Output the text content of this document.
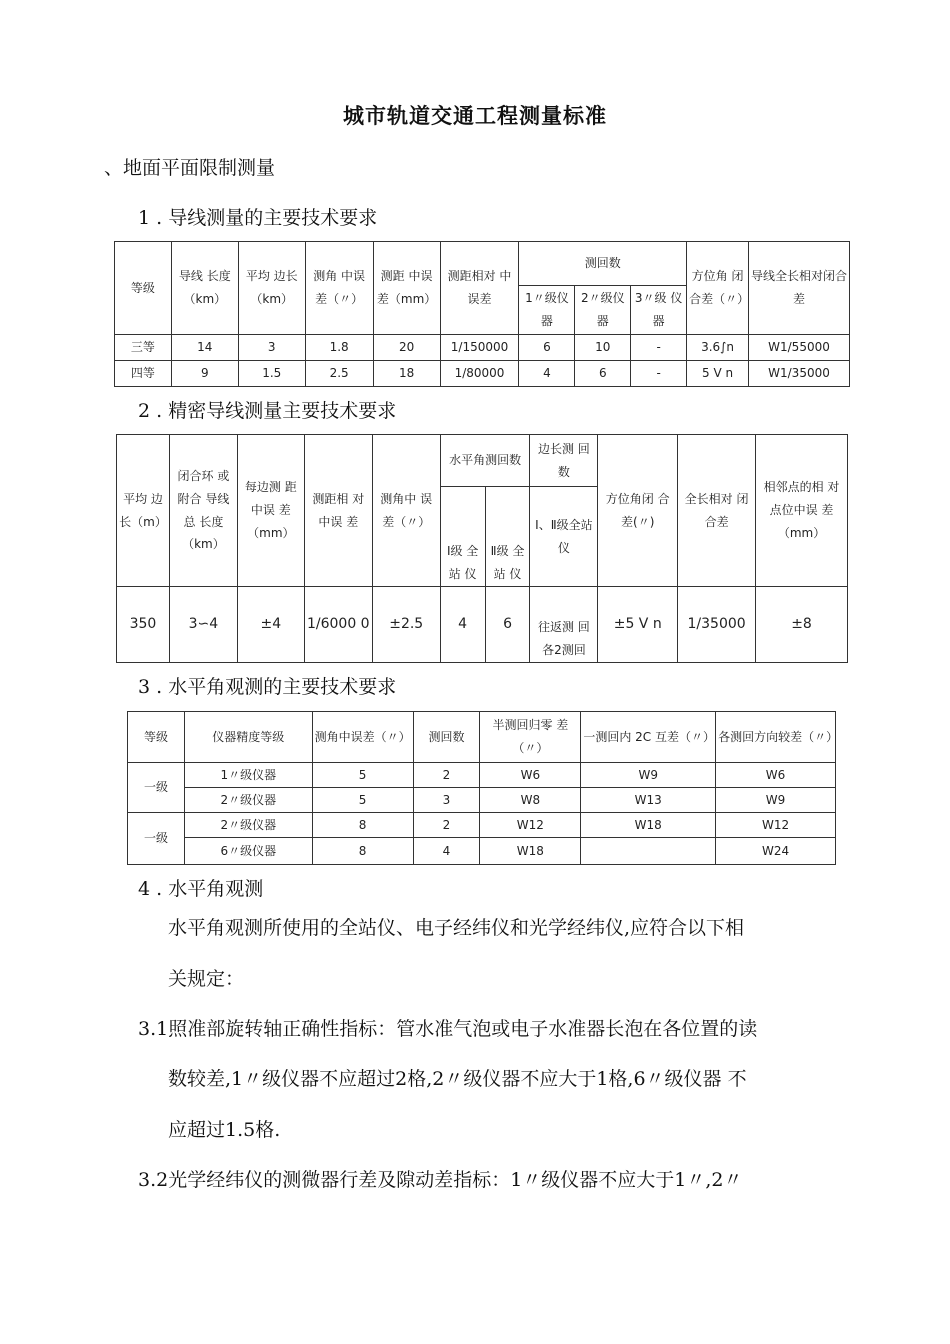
城市轨道交通工程测量标准
、地面平面限制测量
1 . 导线测量的主要技术要求
等级	导线 长度（km）	平均 边长（km）	测角 中误差（〃）	测距 中误差（mm）	测距相对 中误差	测回数			方位角 闭合差（〃）	导线全长相对闭合差
						1〃级仪器	2〃级仪器	3〃级 仪器		
三等	14	3	1.8	20	1/150000	6	10	-	3.6∫n	W1/55000
四等	9	1.5	2.5	18	1/80000	4	6	-	5 V n	W1/35000
2 . 精密导线测量主要技术要求
平均 边长（m）	闭合环 或附合 导线总 长度（km）	每边测 距中误 差（mm）	测距相 对中误 差	测角中 误差（〃）	水平角测回数		边长测 回数	方位角闭 合差(〃)	全长相对 闭合差	相邻点的相 对点位中误 差（mm）
					Ⅰ级 全站 仪	Ⅱ级 全站 仪	Ⅰ、Ⅱ级全站仪			
350	3∽4	±4	1/6000 0	±2.5	4	6	往返测 回各2测回	±5 V n	1/35000	±8
3 . 水平角观测的主要技术要求
等级	仪器精度等级	测角中误差（〃）	测回数	半测回归零 差（〃）	一测回内 2C 互差（〃）	各测回方向较差（〃）
一级	1〃级仪器	5	2	W6	W9	W6
	2〃级仪器	5	3	W8	W13	W9
一级	2〃级仪器	8	2	W12	W18	W12
	6〃级仪器	8	4	W18		W24
4 . 水平角观测
水平角观测所使用的全站仪、电子经纬仪和光学经纬仪,应符合以下相
关规定：
3.1照准部旋转轴正确性指标：管水准气泡或电子水准器长泡在各位置的读
数较差,1〃级仪器不应超过2格,2〃级仪器不应大于1格,6〃级仪器 不
应超过1.5格.
3.2光学经纬仪的测微器行差及隙动差指标：1〃级仪器不应大于1〃,2〃
